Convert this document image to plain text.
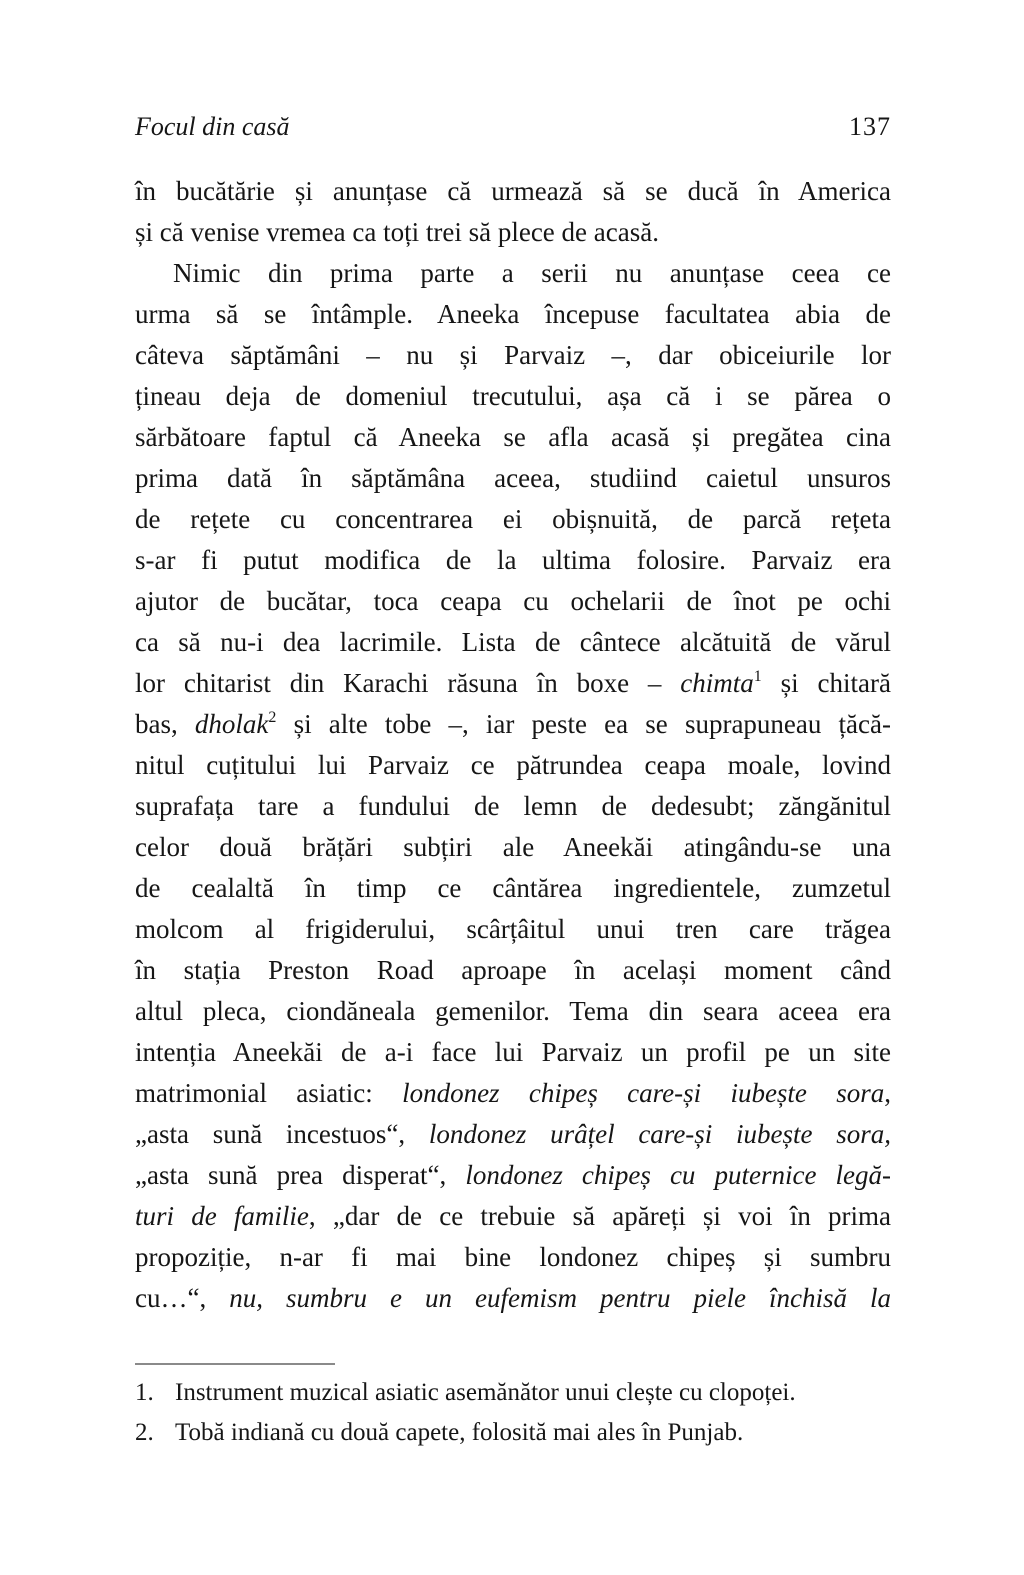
Focul din casă	137
în bucătărie și anunțase că urmează să se ducă în America
și că venise vremea ca toți trei să plece de acasă.
Nimic din prima parte a serii nu anunțase ceea ce
urma să se întâmple. Aneeka începuse facultatea abia de
câteva săptămâni – nu și Parvaiz –, dar obiceiurile lor
țineau deja de domeniul trecutului, așa că i se părea o
sărbătoare faptul că Aneeka se afla acasă și pregătea cina
prima dată în săptămâna aceea, studiind caietul unsuros
de rețete cu concentrarea ei obișnuită, de parcă rețeta
s-ar fi putut modifica de la ultima folosire. Parvaiz era
ajutor de bucătar, toca ceapa cu ochelarii de înot pe ochi
ca să nu-i dea lacrimile. Lista de cântece alcătuită de vărul
lor chitarist din Karachi răsuna în boxe – chimta$^1$ și chitară
bas, dholak$^2$ și alte tobe –, iar peste ea se suprapuneau țăcă-
nitul cuțitului lui Parvaiz ce pătrundea ceapa moale, lovind
suprafața tare a fundului de lemn de dedesubt; zăngănitul
celor două brățări subțiri ale Aneekăi atingându-se una
de cealaltă în timp ce cântărea ingredientele, zumzetul
molcom al frigiderului, scârțâitul unui tren care trăgea
în stația Preston Road aproape în același moment când
altul pleca, ciondăneala gemenilor. Tema din seara aceea era
intenția Aneekăi de a-i face lui Parvaiz un profil pe un site
matrimonial asiatic: londonez chipeș care-și iubește sora,
„asta sună incestuos“, londonez urâțel care-și iubește sora,
„asta sună prea disperat“, londonez chipeș cu puternice legă-
turi de familie, „dar de ce trebuie să apăreți și voi în prima
propoziție, n-ar fi mai bine londonez chipeș și sumbru
cu…“, nu, sumbru e un eufemism pentru piele închisă la
1. Instrument muzical asiatic asemănător unui clește cu clopoței.
2. Tobă indiană cu două capete, folosită mai ales în Punjab.
